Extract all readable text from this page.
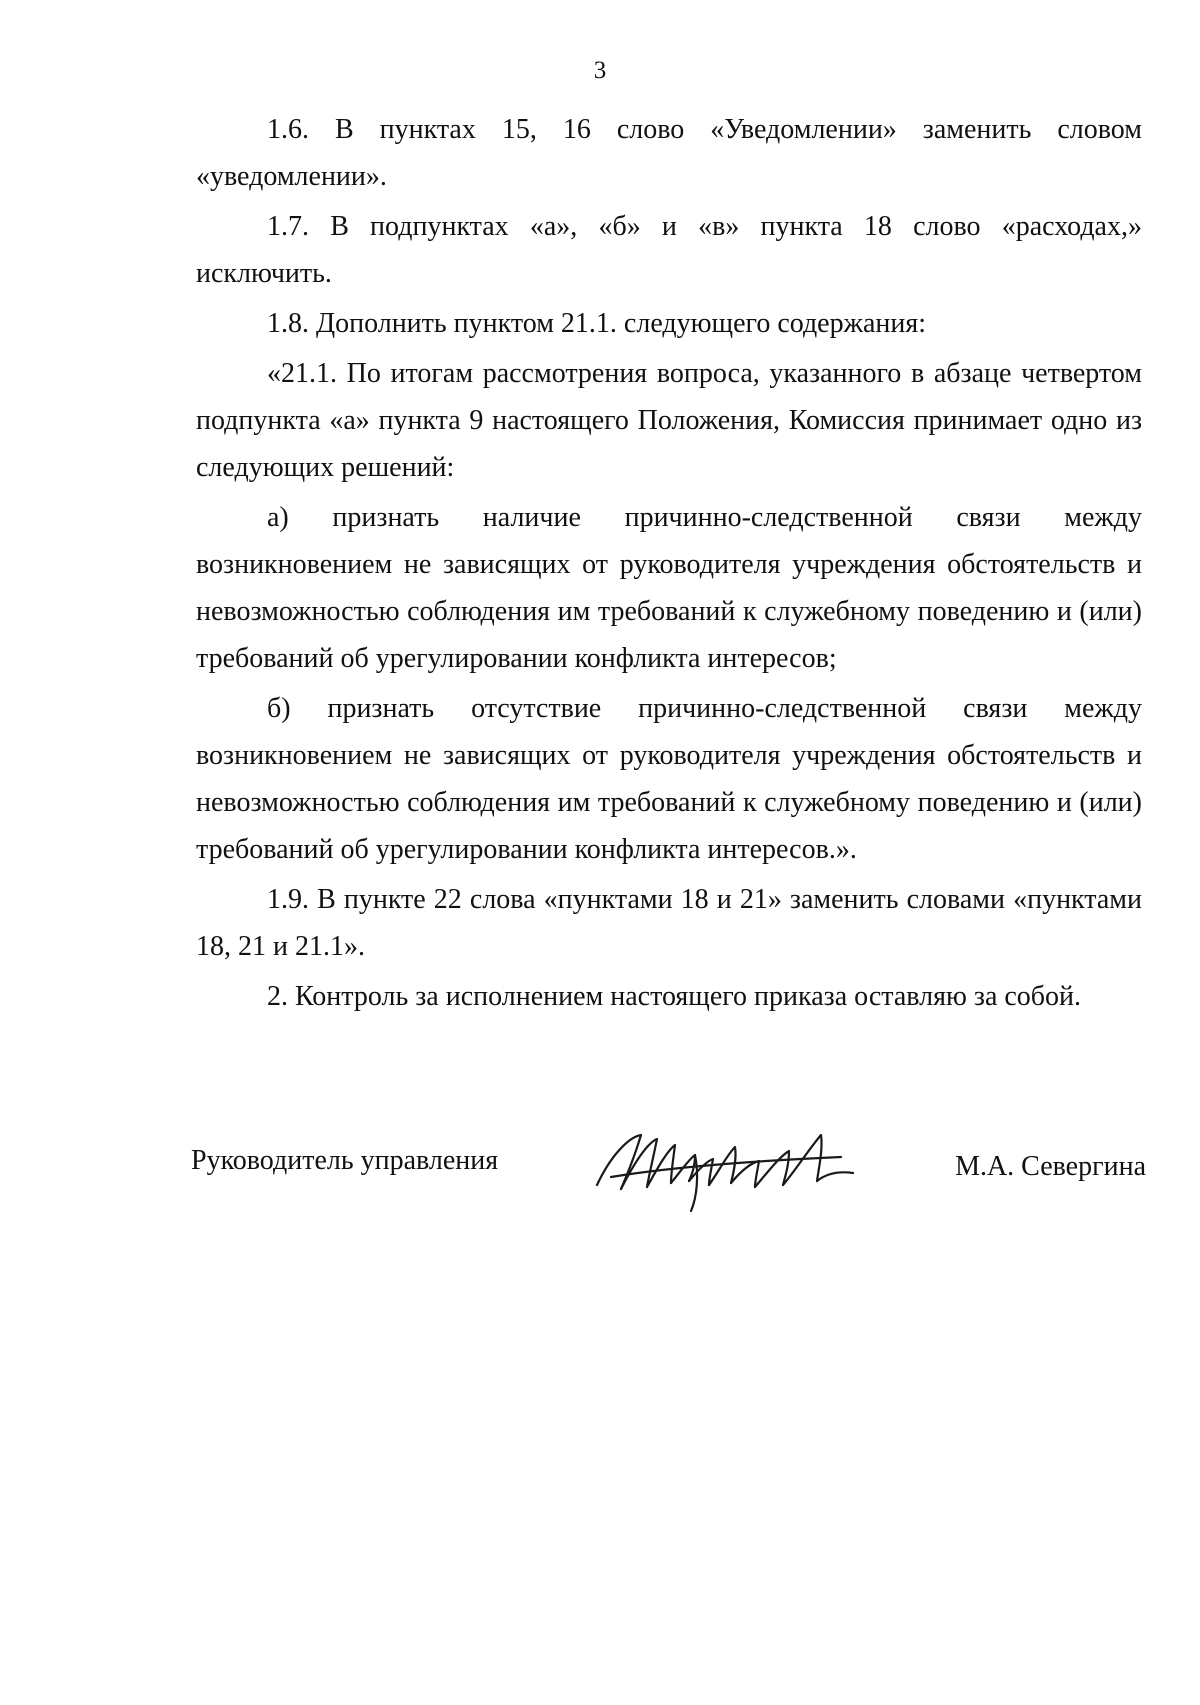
3

1.6. В пунктах 15, 16 слово «Уведомлении» заменить словом «уведомлении».

1.7. В подпунктах «а», «б» и «в» пункта 18 слово «расходах,» исключить.

1.8. Дополнить пунктом 21.1. следующего содержания:

«21.1. По итогам рассмотрения вопроса, указанного в абзаце четвертом подпункта «а» пункта 9 настоящего Положения, Комиссия принимает одно из следующих решений:

а) признать наличие причинно-следственной связи между возникновением не зависящих от руководителя учреждения обстоятельств и невозможностью соблюдения им требований к служебному поведению и (или) требований об урегулировании конфликта интересов;

б) признать отсутствие причинно-следственной связи между возникновением не зависящих от руководителя учреждения обстоятельств и невозможностью соблюдения им требований к служебному поведению и (или) требований об урегулировании конфликта интересов.».

1.9. В пункте 22 слова «пунктами 18 и 21» заменить словами «пунктами 18, 21 и 21.1».

2. Контроль за исполнением настоящего приказа оставляю за собой.

Руководитель управления	М.А. Севергина
